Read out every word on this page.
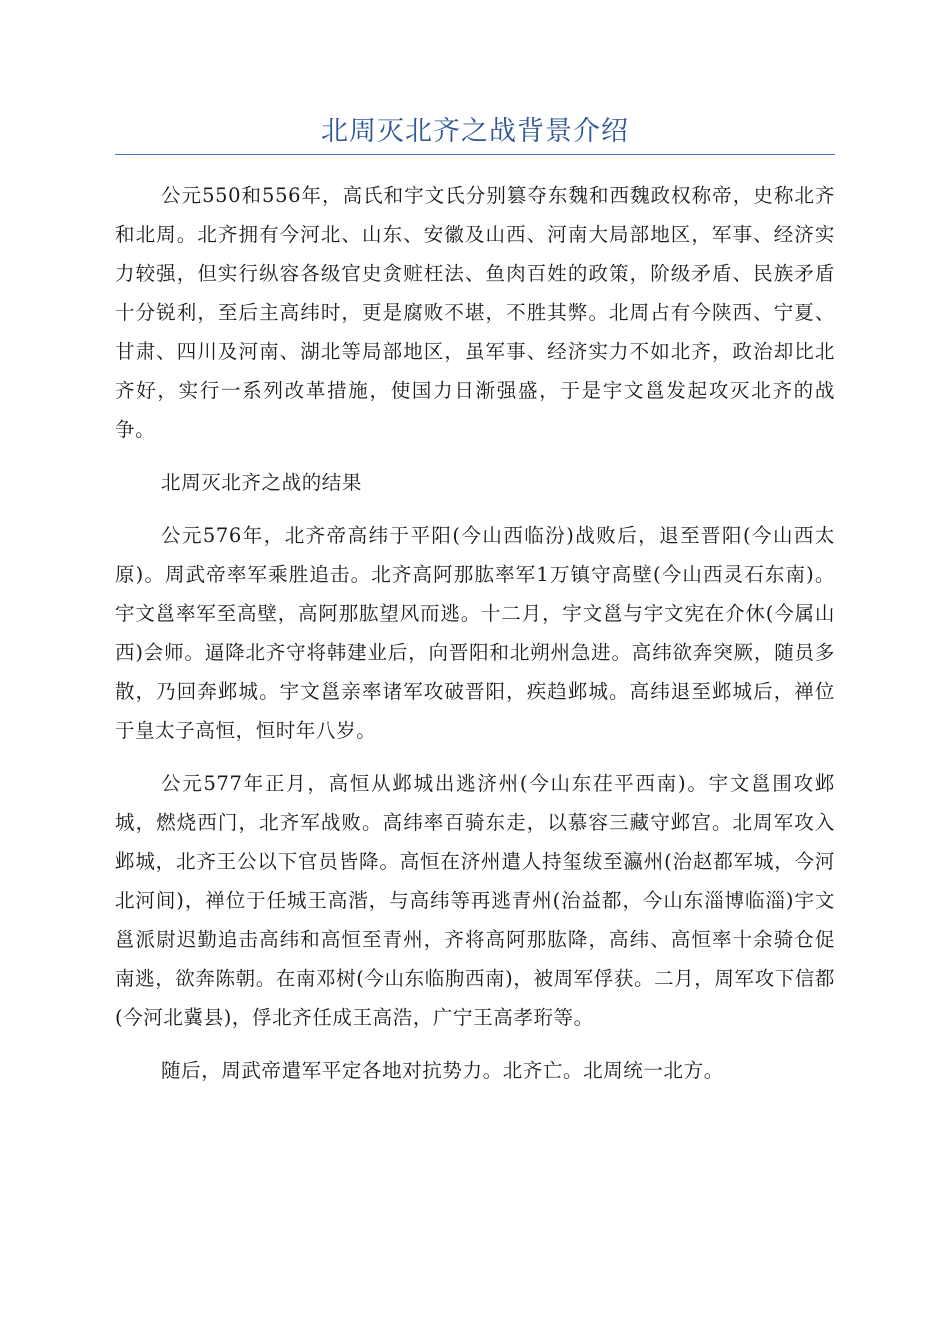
北周灭北齐之战背景介绍

公元550和556年，高氏和宇文氏分别篡夺东魏和西魏政权称帝，史称北齐和北周。北齐拥有今河北、山东、安徽及山西、河南大局部地区，军事、经济实力较强，但实行纵容各级官史贪赃枉法、鱼肉百姓的政策，阶级矛盾、民族矛盾十分锐利，至后主高纬时，更是腐败不堪，不胜其弊。北周占有今陕西、宁夏、甘肃、四川及河南、湖北等局部地区，虽军事、经济实力不如北齐，政治却比北齐好，实行一系列改革措施，使国力日渐强盛，于是宇文邕发起攻灭北齐的战争。

北周灭北齐之战的结果

公元576年，北齐帝高纬于平阳(今山西临汾)战败后，退至晋阳(今山西太原)。周武帝率军乘胜追击。北齐高阿那肱率军1万镇守高壁(今山西灵石东南)。宇文邕率军至高壁，高阿那肱望风而逃。十二月，宇文邕与宇文宪在介休(今属山西)会师。逼降北齐守将韩建业后，向晋阳和北朔州急进。高纬欲奔突厥，随员多散，乃回奔邺城。宇文邕亲率诸军攻破晋阳，疾趋邺城。高纬退至邺城后，禅位于皇太子高恒，恒时年八岁。

公元577年正月，高恒从邺城出逃济州(今山东茌平西南)。宇文邕围攻邺城，燃烧西门，北齐军战败。高纬率百骑东走，以慕容三藏守邺宫。北周军攻入邺城，北齐王公以下官员皆降。高恒在济州遣人持玺绂至瀛州(治赵都军城，今河北河间)，禅位于任城王高湝，与高纬等再逃青州(治益都，今山东淄博临淄)宇文邕派尉迟勤追击高纬和高恒至青州，齐将高阿那肱降，高纬、高恒率十余骑仓促南逃，欲奔陈朝。在南邓树(今山东临朐西南)，被周军俘获。二月，周军攻下信都(今河北冀县)，俘北齐任成王高浩，广宁王高孝珩等。

随后，周武帝遣军平定各地对抗势力。北齐亡。北周统一北方。
